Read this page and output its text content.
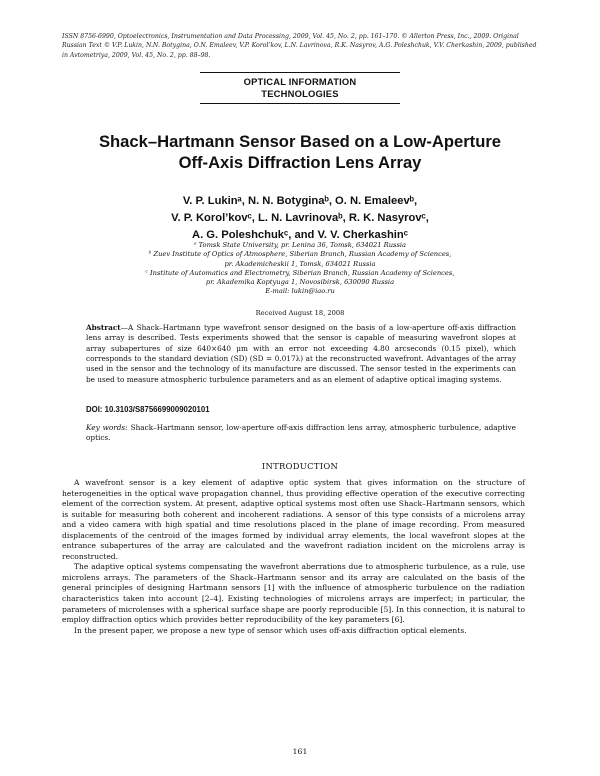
ISSN 8756-6990, Optoelectronics, Instrumentation and Data Processing, 2009, Vol. 45, No. 2, pp. 161–170. © Allerton Press, Inc., 2009. Original Russian Text © V.P. Lukin, N.N. Botygina, O.N. Emaleev, V.P. Korol’kov, L.N. Lavrinova, R.K. Nasyrov, A.G. Poleshchuk, V.V. Cherkashin, 2009, published in Avtometriya, 2009, Vol. 45, No. 2, pp. 88–98.
OPTICAL INFORMATION
TECHNOLOGIES
Shack–Hartmann Sensor Based on a Low-Aperture
Off-Axis Diffraction Lens Array
V. P. Lukinᵃ, N. N. Botyginaᵇ, O. N. Emaleevᵇ,
V. P. Korol’kovᶜ, L. N. Lavrinovaᵇ, R. K. Nasyrovᶜ,
A. G. Poleshchukᶜ, and V. V. Cherkashinᶜ
ᵃ Tomsk State University, pr. Lenina 36, Tomsk, 634021 Russia
ᵇ Zuev Institute of Optics of Atmosphere, Siberian Branch, Russian Academy of Sciences,
pr. Akademicheskii 1, Tomsk, 634021 Russia
ᶜ Institute of Automatics and Electrometry, Siberian Branch, Russian Academy of Sciences,
pr. Akademika Koptyuga 1, Novosibirsk, 630090 Russia
E-mail: lukin@iao.ru
Received August 18, 2008

Abstract—A Shack–Hartmann type wavefront sensor designed on the basis of a low-aperture off-axis diffraction lens array is described. Tests experiments showed that the sensor is capable of measuring wavefront slopes at array subapertures of size 640×640 μm with an error not exceeding 4.80 arcseconds (0.15 pixel), which corresponds to the standard deviation (SD) (SD = 0.017λ) at the reconstructed wavefront. Advantages of the array used in the sensor and the technology of its manufacture are discussed. The sensor tested in the experiments can be used to measure atmospheric turbulence parameters and as an element of adaptive optical imaging systems.

DOI: 10.3103/S8756699009020101

Key words: Shack–Hartmann sensor, low-aperture off-axis diffraction lens array, atmospheric turbulence, adaptive optics.

INTRODUCTION

A wavefront sensor is a key element of adaptive optic system that gives information on the structure of heterogeneities in the optical wave propagation channel, thus providing effective operation of the executive correcting element of the correction system. At present, adaptive optical systems most often use Shack–Hartmann sensors, which is suitable for measuring both coherent and incoherent radiations. A sensor of this type consists of a microlens array and a video camera with high spatial and time resolutions placed in the plane of image recording. From measured displacements of the centroid of the images formed by individual array elements, the local wavefront slopes at the entrance subapertures of the array are calculated and the wavefront radiation incident on the microlens array is reconstructed.

The adaptive optical systems compensating the wavefront aberrations due to atmospheric turbulence, as a rule, use microlens arrays. The parameters of the Shack–Hartmann sensor and its array are calculated on the basis of the general principles of designing Hartmann sensors [1] with the influence of atmospheric turbulence on the radiation characteristics taken into account [2–4]. Existing technologies of microlens arrays are imperfect; in particular, the parameters of microlenses with a spherical surface shape are poorly reproducible [5]. In this connection, it is natural to employ diffraction optics which provides better reproducibility of the key parameters [6].

In the present paper, we propose a new type of sensor which uses off-axis diffraction optical elements.

161
